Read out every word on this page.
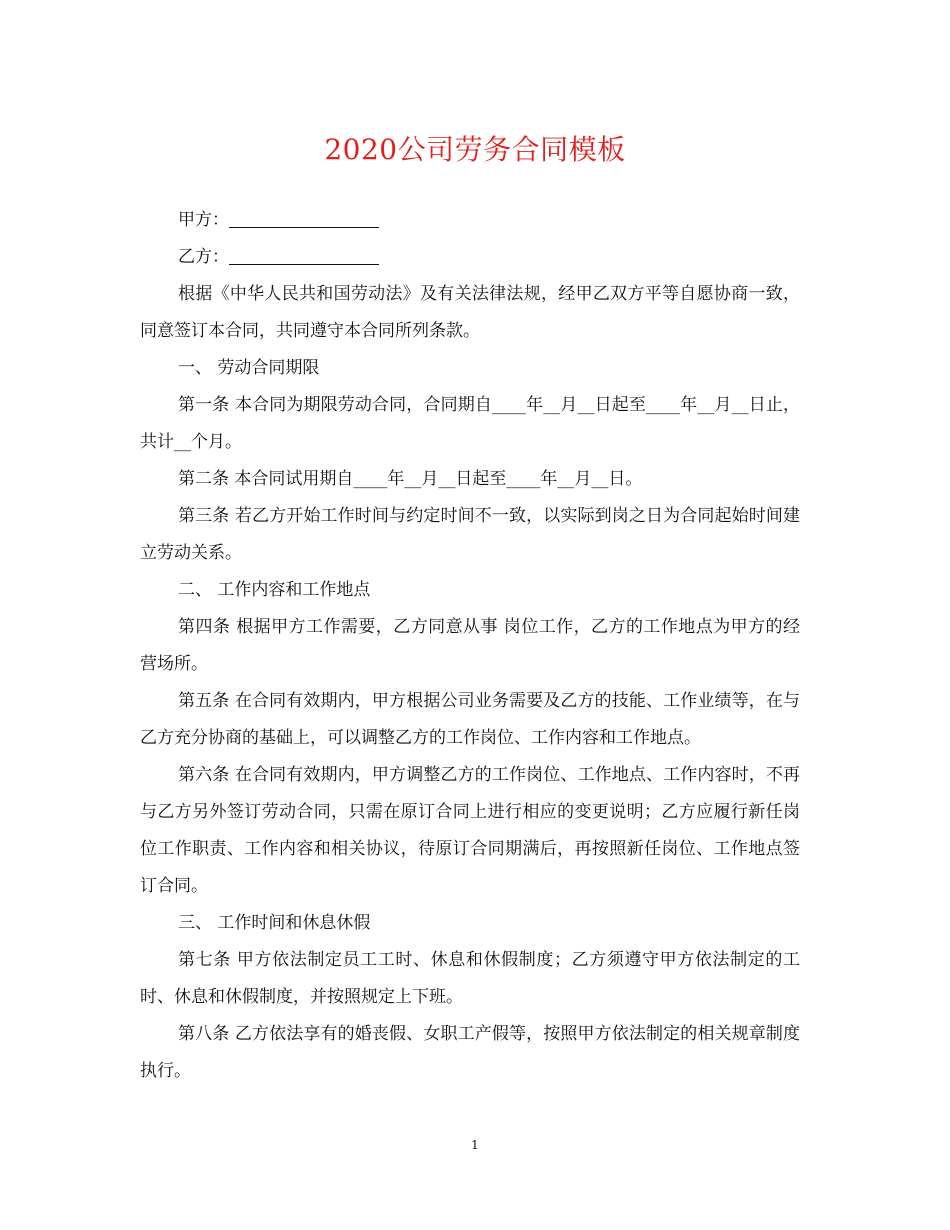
2020公司劳务合同模板

甲方：

乙方：

根据《中华人民共和国劳动法》及有关法律法规，经甲乙双方平等自愿协商一致，同意签订本合同，共同遵守本合同所列条款。

一、 劳动合同期限

第一条 本合同为期限劳动合同，合同期自____年__月__日起至____年__月__日止，共计__个月。

第二条 本合同试用期自____年__月__日起至____年__月__日。

第三条 若乙方开始工作时间与约定时间不一致，以实际到岗之日为合同起始时间建立劳动关系。

二、 工作内容和工作地点

第四条 根据甲方工作需要，乙方同意从事 岗位工作，乙方的工作地点为甲方的经营场所。

第五条 在合同有效期内，甲方根据公司业务需要及乙方的技能、工作业绩等，在与乙方充分协商的基础上，可以调整乙方的工作岗位、工作内容和工作地点。

第六条 在合同有效期内，甲方调整乙方的工作岗位、工作地点、工作内容时，不再与乙方另外签订劳动合同，只需在原订合同上进行相应的变更说明；乙方应履行新任岗位工作职责、工作内容和相关协议，待原订合同期满后，再按照新任岗位、工作地点签订合同。

三、 工作时间和休息休假

第七条 甲方依法制定员工工时、休息和休假制度；乙方须遵守甲方依法制定的工时、休息和休假制度，并按照规定上下班。

第八条 乙方依法享有的婚丧假、女职工产假等，按照甲方依法制定的相关规章制度执行。

1
